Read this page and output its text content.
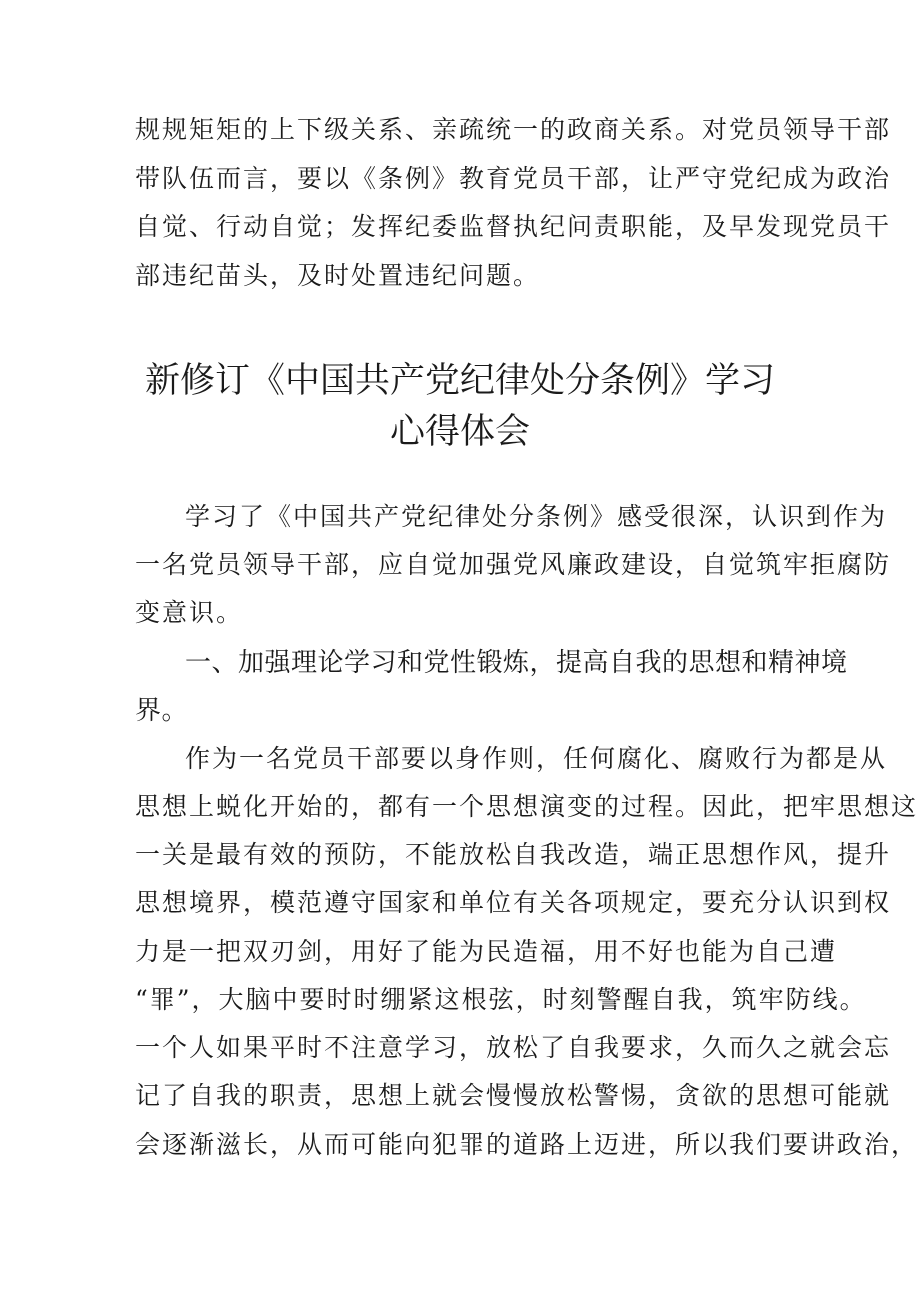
规规矩矩的上下级关系、亲疏统一的政商关系。对党员领导干部
带队伍而言，要以《条例》教育党员干部，让严守党纪成为政治
自觉、行动自觉；发挥纪委监督执纪问责职能，及早发现党员干
部违纪苗头，及时处置违纪问题。
新修订《中国共产党纪律处分条例》学习
心得体会
学习了《中国共产党纪律处分条例》感受很深，认识到作为
一名党员领导干部，应自觉加强党风廉政建设，自觉筑牢拒腐防
变意识。
一、加强理论学习和党性锻炼，提高自我的思想和精神境
界。
作为一名党员干部要以身作则，任何腐化、腐败行为都是从
思想上蜕化开始的，都有一个思想演变的过程。因此，把牢思想这
一关是最有效的预防，不能放松自我改造，端正思想作风，提升
思想境界，模范遵守国家和单位有关各项规定，要充分认识到权
力是一把双刃剑，用好了能为民造福，用不好也能为自己遭
“罪”，大脑中要时时绷紧这根弦，时刻警醒自我，筑牢防线。
一个人如果平时不注意学习，放松了自我要求，久而久之就会忘
记了自我的职责，思想上就会慢慢放松警惕，贪欲的思想可能就
会逐渐滋长，从而可能向犯罪的道路上迈进，所以我们要讲政治，
